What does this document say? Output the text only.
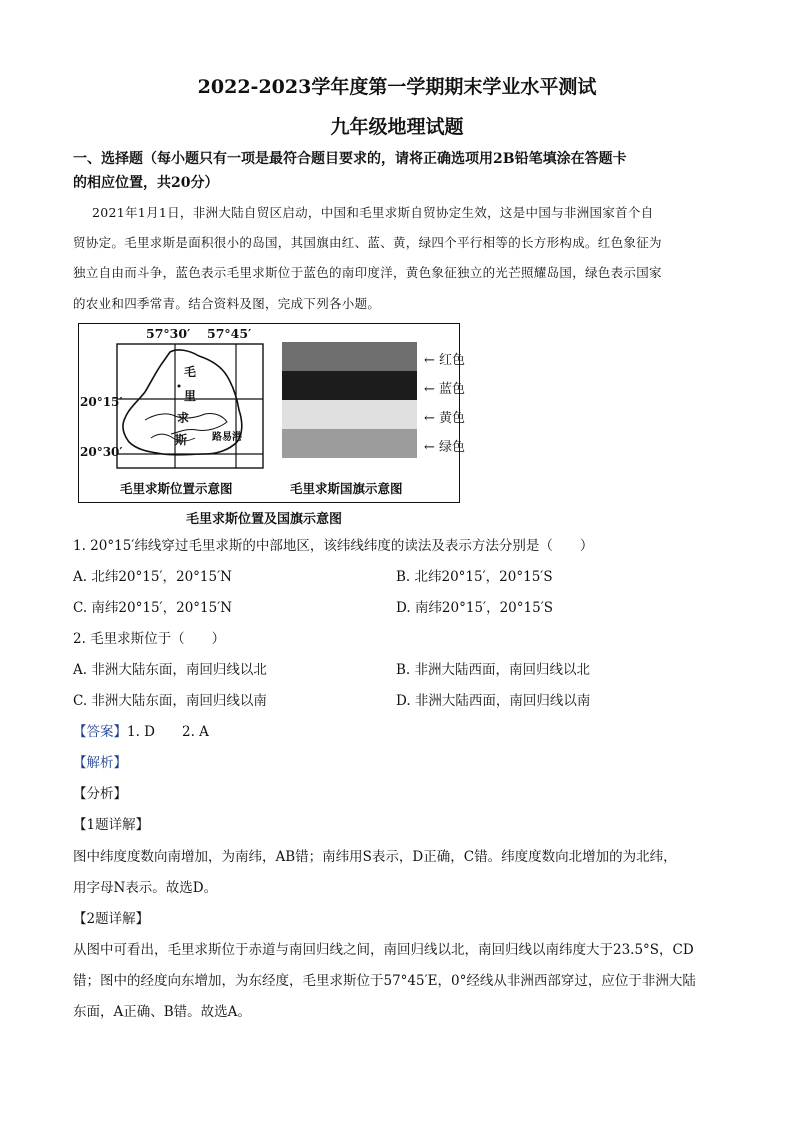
2022-2023学年度第一学期期末学业水平测试
九年级地理试题
一、选择题（每小题只有一项是最符合题目要求的，请将正确选项用2B铅笔填涂在答题卡
的相应位置，共20分）
2021年1月1日，非洲大陆自贸区启动，中国和毛里求斯自贸协定生效，这是中国与非洲国家首个自
贸协定。毛里求斯是面积很小的岛国，其国旗由红、蓝、黄，绿四个平行相等的长方形构成。红色象征为
独立自由而斗争，蓝色表示毛里求斯位于蓝色的南印度洋，黄色象征独立的光芒照耀岛国，绿色表示国家
的农业和四季常青。结合资料及图，完成下列各小题。
57°30′ 57°45′
20°15′
20°30′
毛
里
求
斯 路易港
← 红色
← 蓝色
← 黄色
← 绿色
毛里求斯位置示意图	毛里求斯国旗示意图
毛里求斯位置及国旗示意图
1. 20°15′纬线穿过毛里求斯的中部地区，该纬线纬度的读法及表示方法分别是（　　）
A. 北纬20°15′，20°15′N	B. 北纬20°15′，20°15′S
C. 南纬20°15′，20°15′N	D. 南纬20°15′，20°15′S
2. 毛里求斯位于（　　）
A. 非洲大陆东面，南回归线以北	B. 非洲大陆西面，南回归线以北
C. 非洲大陆东面，南回归线以南	D. 非洲大陆西面，南回归线以南
【答案】1. D　　2. A
【解析】
【分析】
【1题详解】
图中纬度度数向南增加，为南纬，AB错；南纬用S表示，D正确，C错。纬度度数向北增加的为北纬，
用字母N表示。故选D。
【2题详解】
从图中可看出，毛里求斯位于赤道与南回归线之间，南回归线以北，南回归线以南纬度大于23.5°S，CD
错；图中的经度向东增加，为东经度，毛里求斯位于57°45′E，0°经线从非洲西部穿过，应位于非洲大陆
东面，A正确、B错。故选A。
